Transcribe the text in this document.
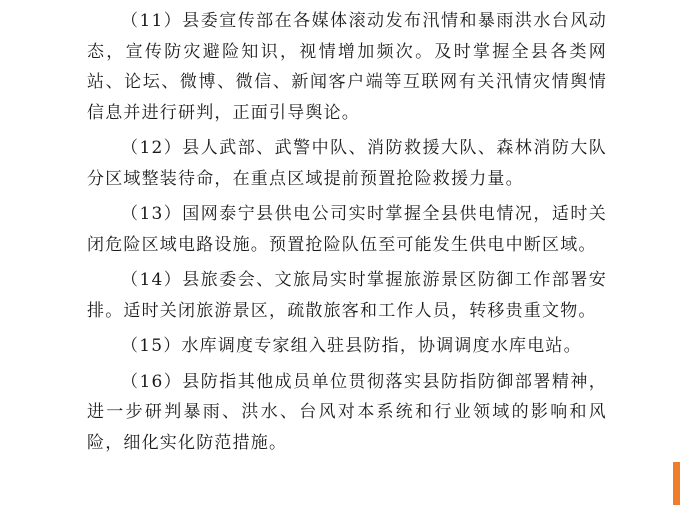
（11）县委宣传部在各媒体滚动发布汛情和暴雨洪水台风动态，宣传防灾避险知识，视情增加频次。及时掌握全县各类网站、论坛、微博、微信、新闻客户端等互联网有关汛情灾情舆情信息并进行研判，正面引导舆论。

（12）县人武部、武警中队、消防救援大队、森林消防大队分区域整装待命，在重点区域提前预置抢险救援力量。

（13）国网泰宁县供电公司实时掌握全县供电情况，适时关闭危险区域电路设施。预置抢险队伍至可能发生供电中断区域。

（14）县旅委会、文旅局实时掌握旅游景区防御工作部署安排。适时关闭旅游景区，疏散旅客和工作人员，转移贵重文物。

（15）水库调度专家组入驻县防指，协调调度水库电站。

（16）县防指其他成员单位贯彻落实县防指防御部署精神，进一步研判暴雨、洪水、台风对本系统和行业领域的影响和风险，细化实化防范措施。
